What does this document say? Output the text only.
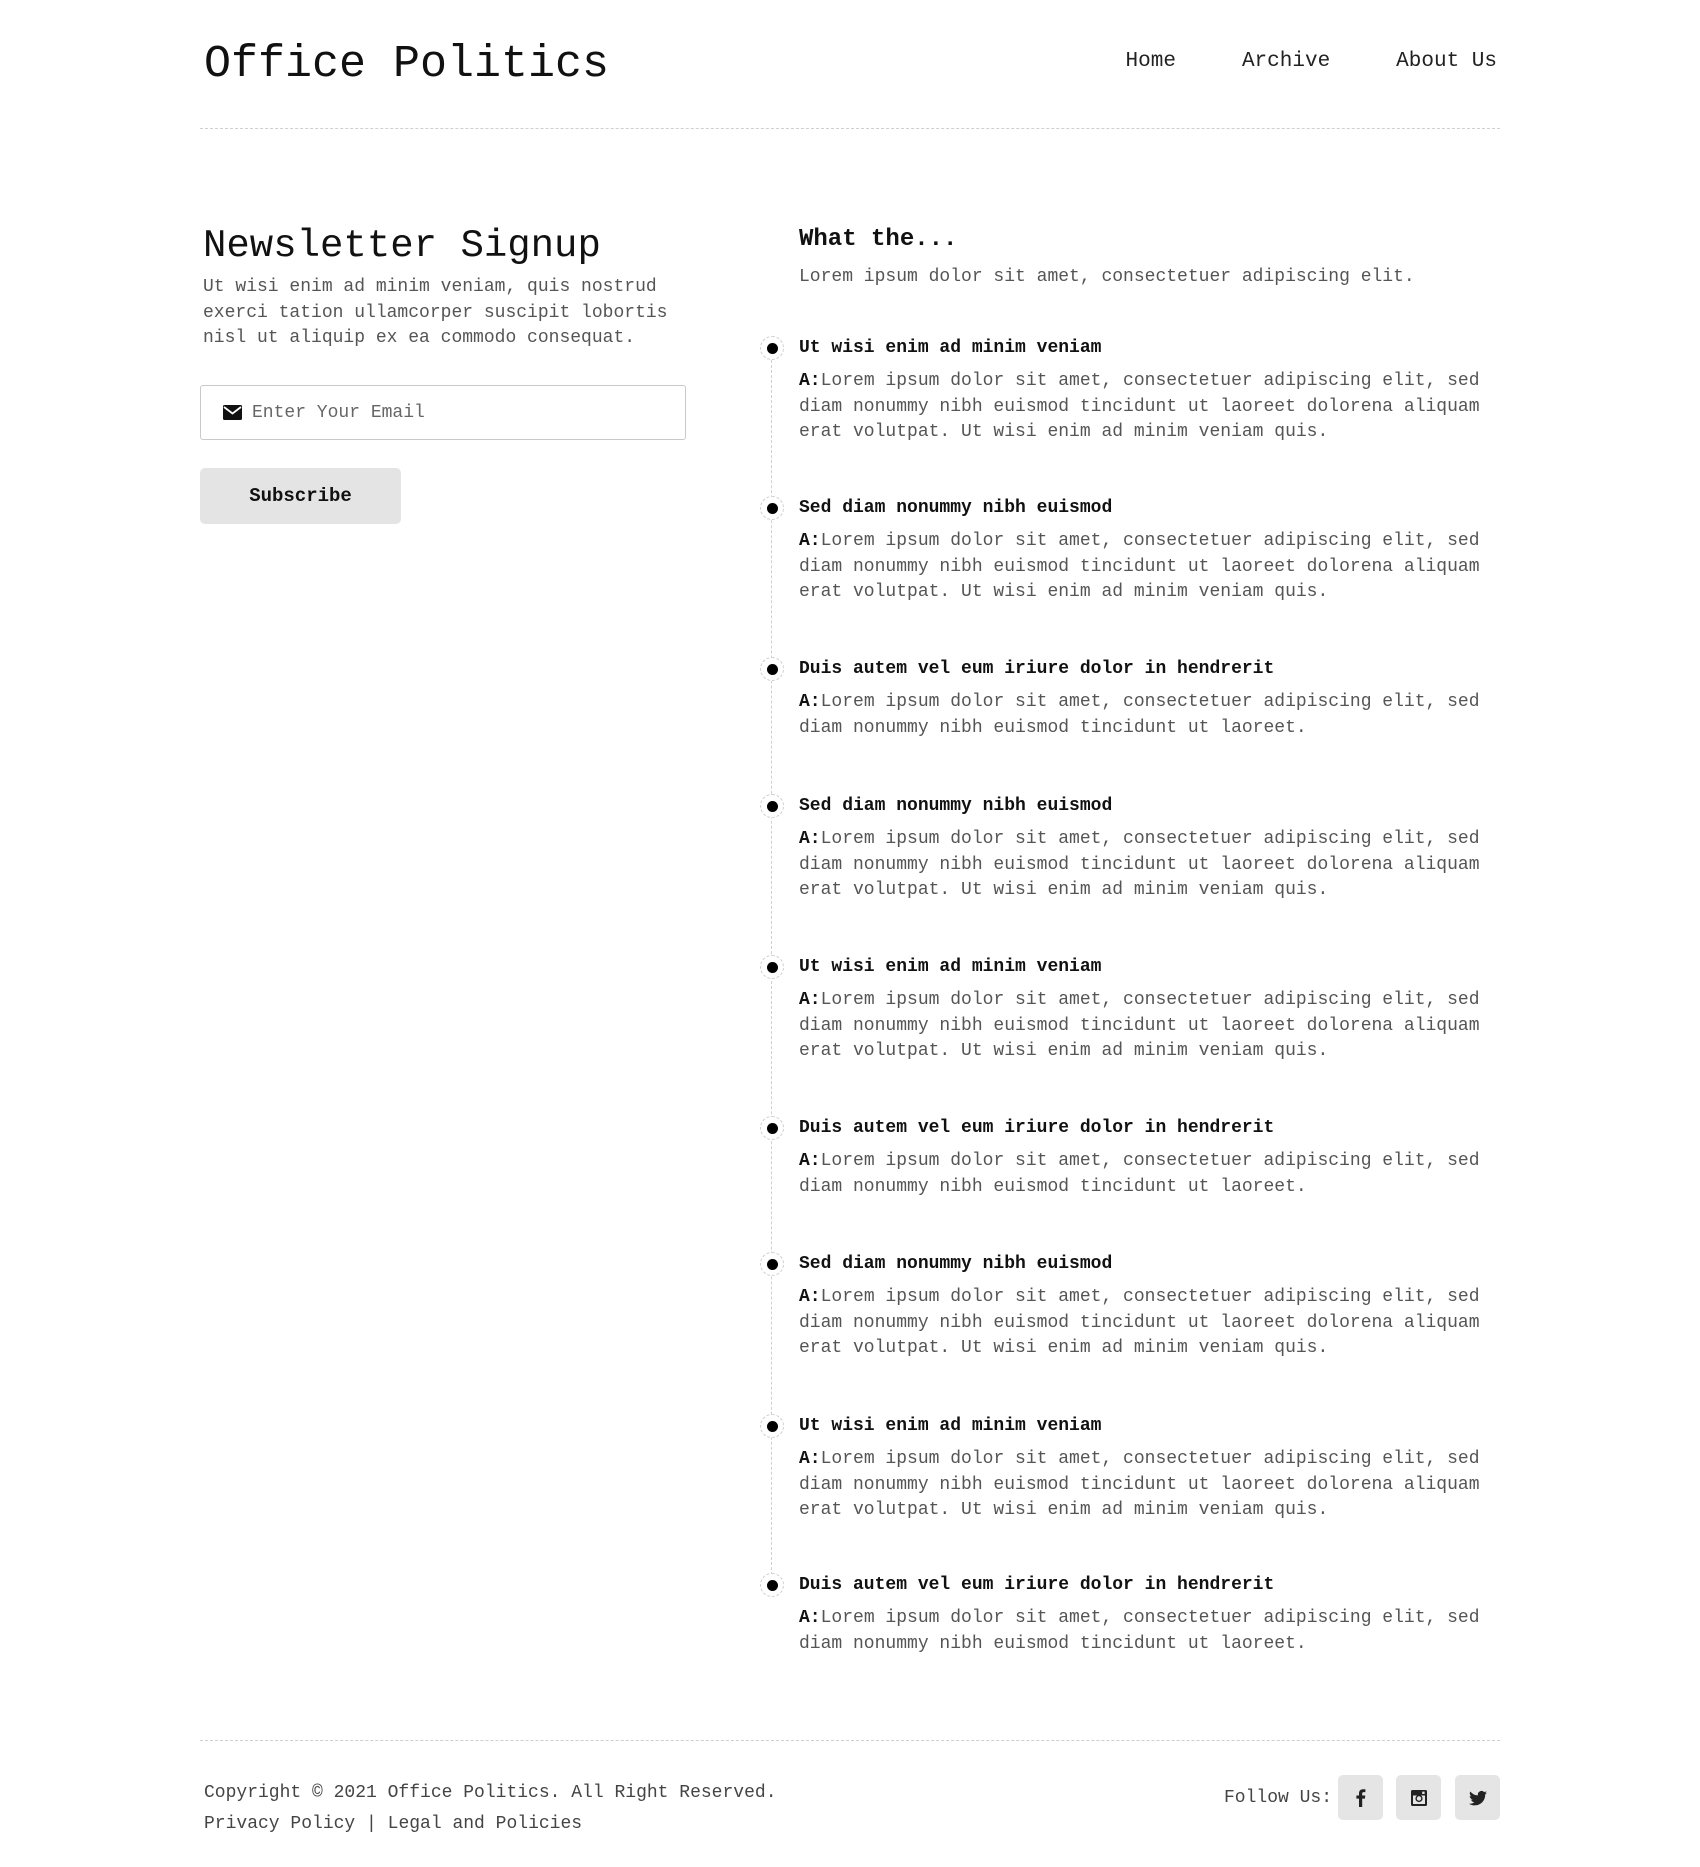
Office Politics	Home	Archive	About Us
Newsletter Signup

Ut wisi enim ad minim veniam, quis nostrud exerci tation ullamcorper suscipit lobortis nisl ut aliquip ex ea commodo consequat.

Enter Your Email
Subscribe
What the...

Lorem ipsum dolor sit amet, consectetuer adipiscing elit.

Ut wisi enim ad minim veniam

A:Lorem ipsum dolor sit amet, consectetuer adipiscing elit, sed diam nonummy nibh euismod tincidunt ut laoreet dolorena aliquam erat volutpat. Ut wisi enim ad minim veniam quis.

Sed diam nonummy nibh euismod

A:Lorem ipsum dolor sit amet, consectetuer adipiscing elit, sed diam nonummy nibh euismod tincidunt ut laoreet dolorena aliquam erat volutpat. Ut wisi enim ad minim veniam quis.

Duis autem vel eum iriure dolor in hendrerit

A:Lorem ipsum dolor sit amet, consectetuer adipiscing elit, sed diam nonummy nibh euismod tincidunt ut laoreet.

Sed diam nonummy nibh euismod

A:Lorem ipsum dolor sit amet, consectetuer adipiscing elit, sed diam nonummy nibh euismod tincidunt ut laoreet dolorena aliquam erat volutpat. Ut wisi enim ad minim veniam quis.

Ut wisi enim ad minim veniam

A:Lorem ipsum dolor sit amet, consectetuer adipiscing elit, sed diam nonummy nibh euismod tincidunt ut laoreet dolorena aliquam erat volutpat. Ut wisi enim ad minim veniam quis.

Duis autem vel eum iriure dolor in hendrerit

A:Lorem ipsum dolor sit amet, consectetuer adipiscing elit, sed diam nonummy nibh euismod tincidunt ut laoreet.

Sed diam nonummy nibh euismod

A:Lorem ipsum dolor sit amet, consectetuer adipiscing elit, sed diam nonummy nibh euismod tincidunt ut laoreet dolorena aliquam erat volutpat. Ut wisi enim ad minim veniam quis.

Ut wisi enim ad minim veniam

A:Lorem ipsum dolor sit amet, consectetuer adipiscing elit, sed diam nonummy nibh euismod tincidunt ut laoreet dolorena aliquam erat volutpat. Ut wisi enim ad minim veniam quis.

Duis autem vel eum iriure dolor in hendrerit

A:Lorem ipsum dolor sit amet, consectetuer adipiscing elit, sed diam nonummy nibh euismod tincidunt ut laoreet.

Copyright © 2021 Office Politics. All Right Reserved.
Privacy Policy | Legal and Policies
Follow Us:
